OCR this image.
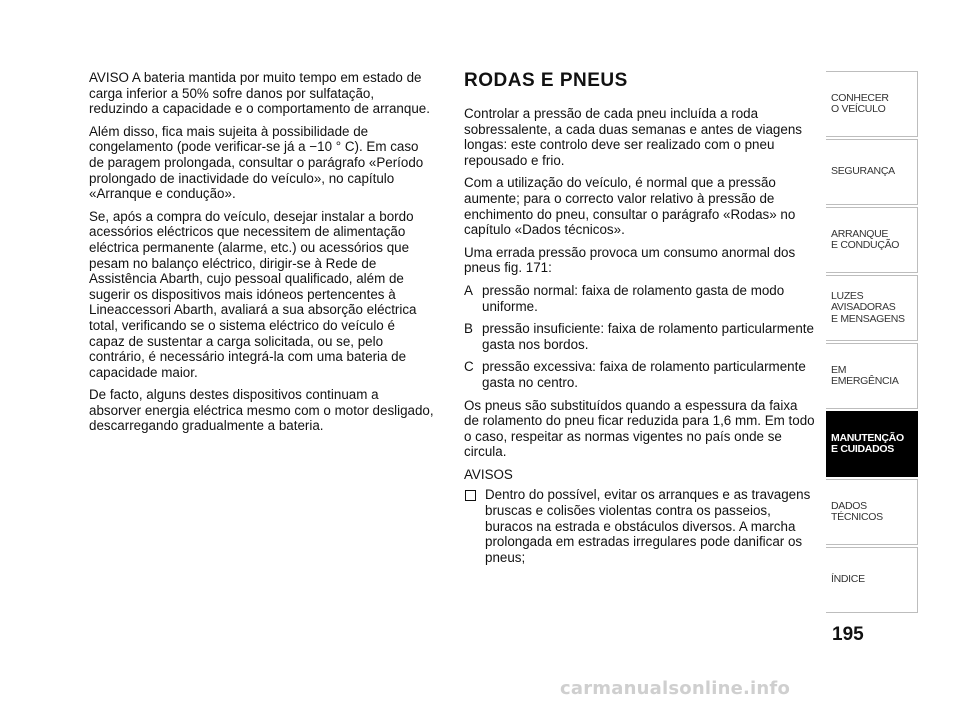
AVISO A bateria mantida por muito tempo em estado de carga inferior a 50% sofre danos por sulfatação, reduzindo a capacidade e o comportamento de arranque.

Além disso, fica mais sujeita à possibilidade de congelamento (pode verificar-se já a −10 ° C). Em caso de paragem prolongada, consultar o parágrafo «Período prolongado de inactividade do veículo», no capítulo «Arranque e condução».

Se, após a compra do veículo, desejar instalar a bordo acessórios eléctricos que necessitem de alimentação eléctrica permanente (alarme, etc.) ou acessórios que pesam no balanço eléctrico, dirigir-se à Rede de Assistência Abarth, cujo pessoal qualificado, além de sugerir os dispositivos mais idóneos pertencentes à Lineaccessori Abarth, avaliará a sua absorção eléctrica total, verificando se o sistema eléctrico do veículo é capaz de sustentar a carga solicitada, ou se, pelo contrário, é necessário integrá-la com uma bateria de capacidade maior.

De facto, alguns destes dispositivos continuam a absorver energia eléctrica mesmo com o motor desligado, descarregando gradualmente a bateria.

RODAS E PNEUS

Controlar a pressão de cada pneu incluída a roda sobressalente, a cada duas semanas e antes de viagens longas: este controlo deve ser realizado com o pneu repousado e frio.

Com a utilização do veículo, é normal que a pressão aumente; para o correcto valor relativo à pressão de enchimento do pneu, consultar o parágrafo «Rodas» no capítulo «Dados técnicos».

Uma errada pressão provoca um consumo anormal dos pneus fig. 171:

A pressão normal: faixa de rolamento gasta de modo uniforme.
B pressão insuficiente: faixa de rolamento particularmente gasta nos bordos.
C pressão excessiva: faixa de rolamento particularmente gasta no centro.

Os pneus são substituídos quando a espessura da faixa de rolamento do pneu ficar reduzida para 1,6 mm. Em todo o caso, respeitar as normas vigentes no país onde se circula.

AVISOS
Dentro do possível, evitar os arranques e as travagens bruscas e colisões violentas contra os passeios, buracos na estrada e obstáculos diversos. A marcha prolongada em estradas irregulares pode danificar os pneus;
CONHECER
O VEÍCULO
SEGURANÇA
ARRANQUE
E CONDUÇÃO
LUZES
AVISADORAS
E MENSAGENS
EM EMERGÊNCIA
MANUTENÇÃO
E CUIDADOS
DADOS
TÉCNICOS
ÍNDICE
195
carmanualsonline.info
